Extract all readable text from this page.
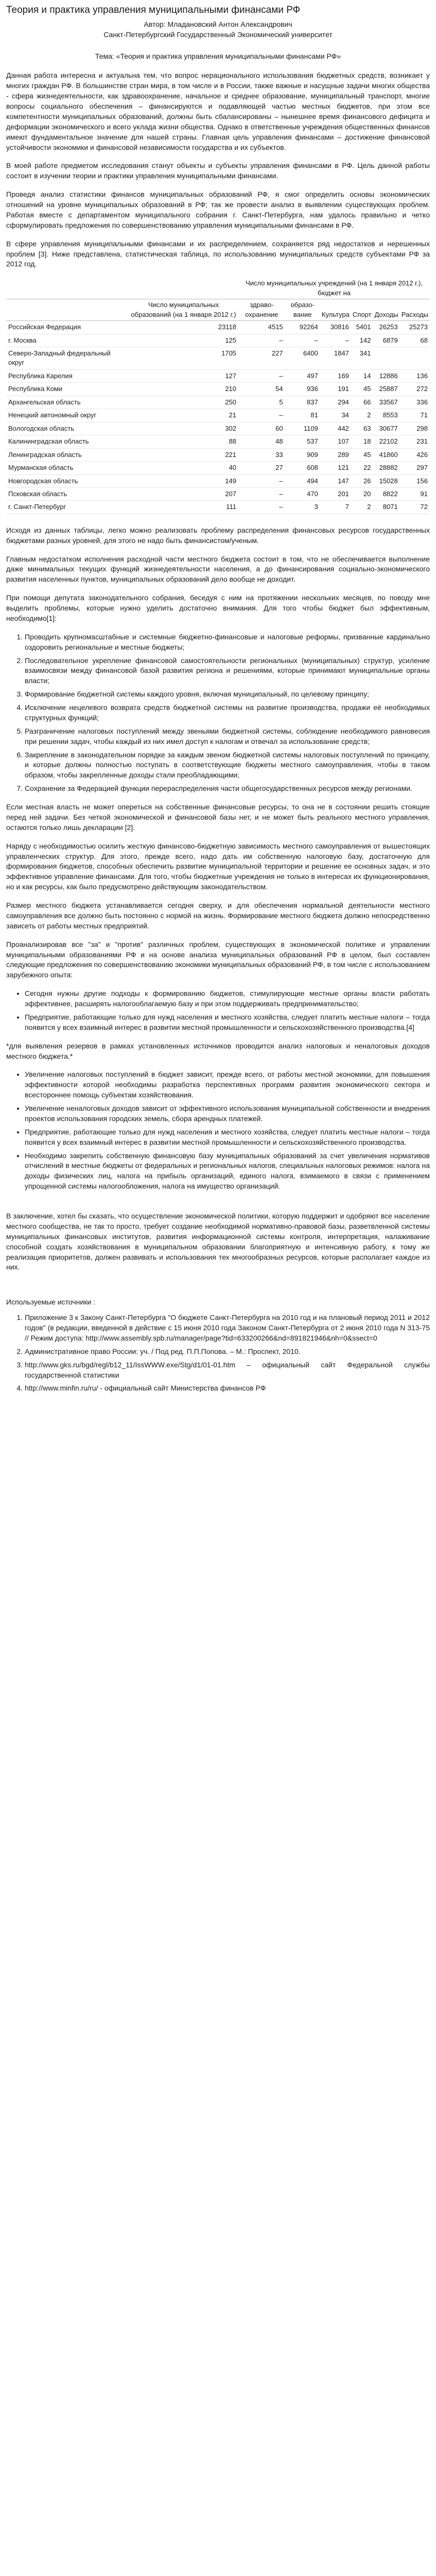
Теория и практика управления муниципальными финансами РФ

Автор: Младановский Антон Александрович

Санкт-Петербургский Государственный Экономический университет

Тема: «Теория и практика управления муниципальными финансами РФ»

Данная работа интересна и актуальна тем, что вопрос нерационального использования бюджетных средств, возникает у многих граждан РФ. В большинстве стран мира, в том числе и в России, также важные и насущные задачи многих общества - сфера жизнедеятельности, как здравоохранение, начальное и среднее образование, муниципальный транспорт, многие вопросы социального обеспечения – финансируются и подавляющей частью местных бюджетов, при этом все компетентности муниципальных образований, должны быть сбалансированы – нынешнее время финансового дефицита и деформации экономического и всего уклада жизни общества. Однако в ответственные учреждения общественных финансов имеют фундаментальное значение для нашей страны. Главная цель управления финансами – достижение финансовой устойчивости экономики и финансовой независимости государства и их субъектов.

В моей работе предметом исследования станут объекты и субъекты управления финансами в РФ. Цель данной работы состоит в изучении теории и практики управления муниципальными финансами.

Проведя анализ статистики финансов муниципальных образований РФ, я смог определить основы экономических отношений на уровне муниципальных образований в РФ; так же провести анализ в выявлении существующих проблем. Работая вместе с департаментом муниципального собрания г. Санкт-Петербурга, нам удалось правильно и четко сформулировать предложения по совершенствованию управления муниципальными финансами в РФ.

В сфере управления муниципальными финансами и их распределением, сохраняется ряд недостатков и нерешенных проблем [3]. Ниже представлена, статистическая таблица, по использованию муниципальных средств субъектами РФ за 2012 год.

		Число муниципальных учреждений (на 1 января 2012 г.), бюджет на					
	Число муниципальных образований (на 1 января 2012 г.)	здраво-охранение	образо-вание	Культура	Спорт	Доходы	Расходы
Российская Федерация	23118	4515	92264	30816	5401	26253	25273
г. Москва	125	–	–	–	142	6879	68
Северо-Западный федеральный округ	1705	227	6400	1847	341		
Республика Карелия	127	–	497	169	14	12886	136
Республика Коми	210	54	936	191	45	25887	272
Архангельская область	250	5	837	294	66	33567	336
Ненецкий автономный округ	21	–	81	34	2	8553	71
Вологодская область	302	60	1109	442	63	30677	298
Калининградская область	88	48	537	107	18	22102	231
Ленинградская область	221	33	909	289	45	41860	426
Мурманская область	40	27	608	121	22	28882	297
Новгородская область	149	–	494	147	26	15028	156
Псковская область	207	–	470	201	20	8822	91
г. Санкт-Петербург	111	–	3	7	2	8071	72

Исходя из данных таблицы, легко можно реализовать проблему распределения финансовых ресурсов государственных бюджетами разных уровней, для этого не надо быть финансистом/ученым.

Главным недостатком исполнения расходной части местного бюджета состоит в том, что не обеспечивается выполнение даже минимальных текущих функций жизнедеятельности населения, а до финансирования социально-экономического развития населенных пунктов, муниципальных образований дело вообще не доходит.

При помощи депутата законодательного собрания, беседуя с ним на протяжении нескольких месяцев, по поводу мне выделить проблемы, которые нужно уделить достаточно внимания. Для того чтобы бюджет был эффективным, необходимо[1]:

1. Проводить крупномасштабные и системные бюджетно-финансовые и налоговые реформы, призванные кардинально оздоровить региональные и местные бюджеты;
2. Последовательное укрепление финансовой самостоятельности региональных (муниципальных) структур, усиление взаимосвязи между финансовой базой развития региона и решениями, которые принимают муниципальные органы власти;
3. Формирование бюджетной системы каждого уровня, включая муниципальный, по целевому принципу;
4. Исключение нецелевого возврата средств бюджетной системы на развитие производства, продажи её необходимых структурных функций;
5. Разграничение налоговых поступлений между звеньями бюджетной системы, соблюдение необходимого равновесия при решении задач, чтобы каждый из них имел доступ к налогам и отвечал за использование средств;
6. Закрепление в законодательном порядке за каждым звеном бюджетной системы налоговых поступлений по принципу, и которые должны полностью поступать в соответствующие бюджеты местного самоуправления, чтобы в таком образом, чтобы закрепленные доходы стали преобладающими;
7. Сохранение за Федерацией функции перераспределения части общегосударственных ресурсов между регионами.

Если местная власть не может опереться на собственные финансовые ресурсы, то она не в состоянии решить стоящие перед ней задачи. Без четкой экономической и финансовой базы нет, и не может быть реального местного управления, остаются только лишь декларации [2].

Наряду с необходимостью осилить жесткую финансово-бюджетную зависимость местного самоуправления от вышестоящих управленческих структур. Для этого, прежде всего, надо дать им собственную налоговую базу, достаточную для формирования бюджетов, способных обеспечить развитие муниципальной территории и решение ее основных задач, и это эффективное управление финансами. Для того, чтобы бюджетные учреждения не только в интересах их функционирования, но и как ресурсы, как было предусмотрено действующим законодательством.

Размер местного бюджета устанавливается сегодня сверху, и для обеспечения нормальной деятельности местного самоуправления все должно быть постоянно с нормой на жизнь. Формирование местного бюджета должно непосредственно зависеть от работы местных предприятий.

Проанализировав все "за" и "против" различных проблем, существующих в экономической политике и управлении муниципальными образованиями РФ и на основе анализа муниципальных образований РФ в целом, был составлен следующие предложения по совершенствованию экономики муниципальных образований РФ, в том числе с использованием зарубежного опыта:

• Сегодня нужны другие подходы к формированию бюджетов, стимулирующие местные органы власти работать эффективнее, расширять налогооблагаемую базу и при этом поддерживать предпринимательство;
• Предприятие, работающие только для нужд населения и местного хозяйства, следует платить местные налоги – тогда появится у всех взаимный интерес в развитии местной промышленности и сельскохозяйственного производства.[4]

*для выявления резервов в рамках установленных источников проводится анализ налоговых и неналоговых доходов местного бюджета.*

• Увеличение налоговых поступлений в бюджет зависит, прежде всего, от работы местной экономики, для повышения эффективности которой необходимы разработка перспективных программ развития экономического сектора и всестороннее помощь субъектам хозяйствования.
• Увеличение неналоговых доходов зависит от эффективного использования муниципальной собственности и внедрения проектов использования городских земель, сбора арендных платежей.
• Предприятие, работающие только для нужд населения и местного хозяйства, следует платить местные налоги – тогда появится у всех взаимный интерес в развитии местной промышленности и сельскохозяйственного производства.
• Необходимо закрепить собственную финансовую базу муниципальных образований за счет увеличения нормативов отчислений в местные бюджеты от федеральных и региональных налогов, специальных налоговых режимов: налога на доходы физических лиц, налога на прибыль организаций, единого налога, взимаемого в связи с применением упрощенной системы налогообложения, налога на имущество организаций.

В заключение, хотел бы сказать, что осуществление экономической политики, которую поддержит и одобряют все население местного сообщества, не так то просто, требует создание необходимой нормативно-правовой базы, разветвленной системы муниципальных финансовых институтов, развития информационной системы контроля, интерпретация, налаживание способной создать хозяйствования в муниципальном образовании благоприятную и интенсивную работу, к тому же реализация приоритетов, должен развивать и использования тех многообразных ресурсов, которые располагает каждое из них.

Используемые источники :

1. Приложение 3 к Закону Санкт-Петербурга "О бюджете Санкт-Петербурга на 2010 год и на плановый период 2011 и 2012 годов" (в редакции, введенной в действие с 15 июня 2010 года Законом Санкт-Петербурга от 2 июня 2010 года N 313-75 // Режим доступа: http://www.assembly.spb.ru/manager/page?tid=633200266&nd=891821946&nh=0&ssect=0
2. Административное право России: уч. / Под ред. П.П.Попова. – М.: Проспект, 2010.
3. http://www.gks.ru/bgd/regl/b12_11/IssWWW.exe/Stg/d1/01-01.htm – официальный сайт Федеральной службы государственной статистики
4. http://www.minfin.ru/ru/ - официальный сайт Министерства финансов РФ
